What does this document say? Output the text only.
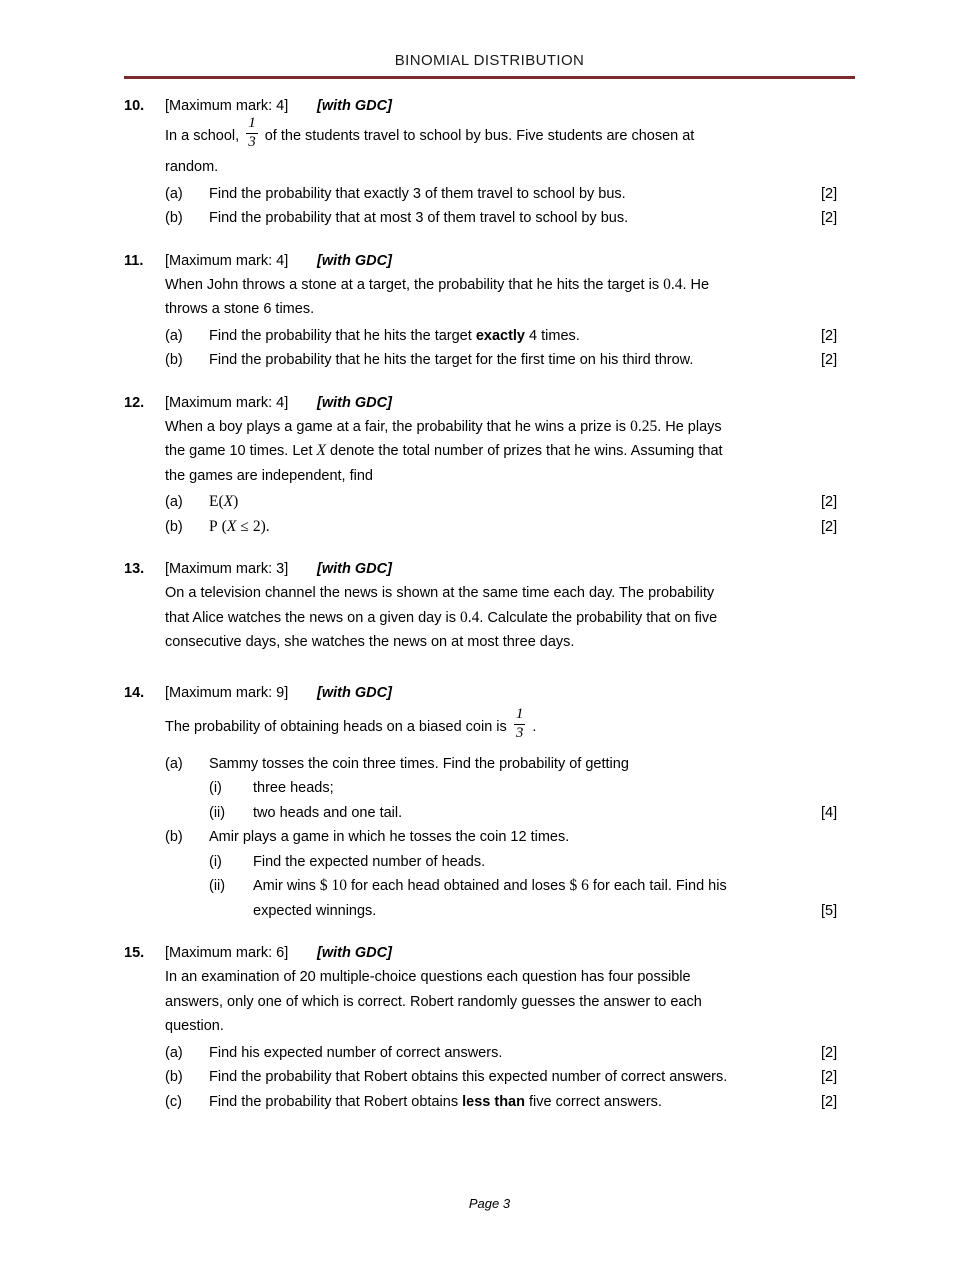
BINOMIAL DISTRIBUTION
10.	[Maximum mark: 4]	[with GDC]
In a school, $\frac{1}{3}$ of the students travel to school by bus. Five students are chosen at
random.
(a)	Find the probability that exactly 3 of them travel to school by bus.	[2]
(b)	Find the probability that at most 3 of them travel to school by bus.	[2]
11.	[Maximum mark: 4]	[with GDC]
When John throws a stone at a target, the probability that he hits the target is 0.4. He
throws a stone 6 times.
(a)	Find the probability that he hits the target exactly 4 times.	[2]
(b)	Find the probability that he hits the target for the first time on his third throw.	[2]
12.	[Maximum mark: 4]	[with GDC]
When a boy plays a game at a fair, the probability that he wins a prize is 0.25. He plays
the game 10 times. Let X denote the total number of prizes that he wins. Assuming that
the games are independent, find
(a)	E(X)	[2]
(b)	P (X ≤ 2).	[2]
13.	[Maximum mark: 3]	[with GDC]
On a television channel the news is shown at the same time each day. The probability
that Alice watches the news on a given day is 0.4. Calculate the probability that on five
consecutive days, she watches the news on at most three days.
14.	[Maximum mark: 9]	[with GDC]
The probability of obtaining heads on a biased coin is $\frac{1}{3}$ .
(a)	Sammy tosses the coin three times. Find the probability of getting
(i)	three heads;
(ii)	two heads and one tail.	[4]
(b)	Amir plays a game in which he tosses the coin 12 times.
(i)	Find the expected number of heads.
(ii)	Amir wins $ 10 for each head obtained and loses $ 6 for each tail. Find his
expected winnings.	[5]
15.	[Maximum mark: 6]	[with GDC]
In an examination of 20 multiple-choice questions each question has four possible
answers, only one of which is correct. Robert randomly guesses the answer to each
question.
(a)	Find his expected number of correct answers.	[2]
(b)	Find the probability that Robert obtains this expected number of correct answers.	[2]
(c)	Find the probability that Robert obtains less than five correct answers.	[2]
Page 3
